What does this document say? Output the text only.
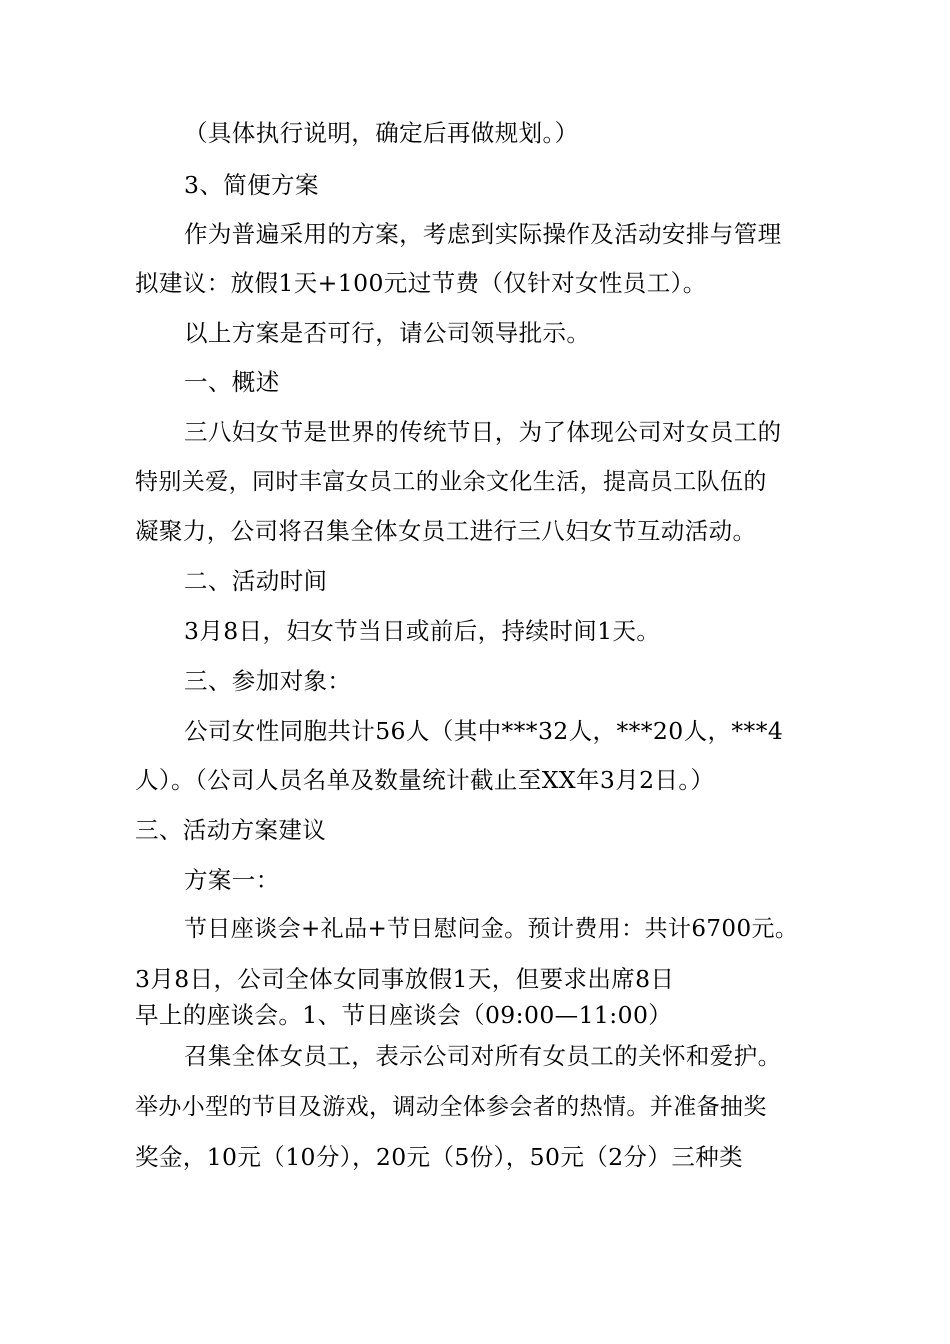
（具体执行说明，确定后再做规划。）
3、简便方案
作为普遍采用的方案，考虑到实际操作及活动安排与管理
拟建议：放假1天+100元过节费（仅针对女性员工）。
以上方案是否可行，请公司领导批示。
一、概述
三八妇女节是世界的传统节日，为了体现公司对女员工的
特别关爱，同时丰富女员工的业余文化生活，提高员工队伍的
凝聚力，公司将召集全体女员工进行三八妇女节互动活动。
二、活动时间
3月8日，妇女节当日或前后，持续时间1天。
三、参加对象：
公司女性同胞共计56人（其中***32人，***20人，***4
人）。（公司人员名单及数量统计截止至XX年3月2日。）
三、活动方案建议
方案一：
节日座谈会+礼品+节日慰问金。预计费用：共计6700元。
3月8日，公司全体女同事放假1天，但要求出席8日
早上的座谈会。1、节日座谈会（09:00—11:00）
召集全体女员工，表示公司对所有女员工的关怀和爱护。
举办小型的节目及游戏，调动全体参会者的热情。并准备抽奖
奖金，10元（10分），20元（5份），50元（2分）三种类
